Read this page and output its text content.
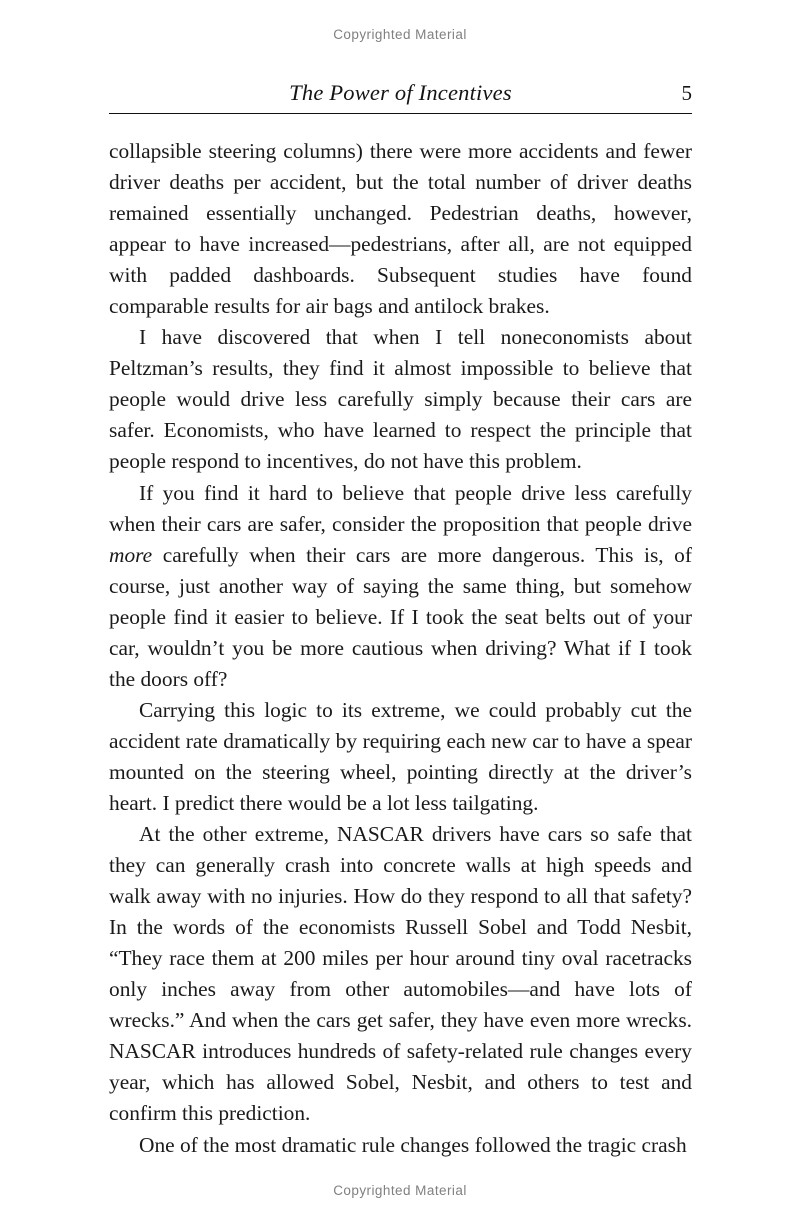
Copyrighted Material
The Power of Incentives	5

collapsible steering columns) there were more accidents and fewer driver deaths per accident, but the total number of driver deaths remained essentially unchanged. Pedestrian deaths, however, appear to have increased—pedestrians, after all, are not equipped with padded dashboards. Subsequent studies have found comparable results for air bags and antilock brakes.

I have discovered that when I tell noneconomists about Peltzman’s results, they find it almost impossible to believe that people would drive less carefully simply because their cars are safer. Economists, who have learned to respect the principle that people respond to incentives, do not have this problem.

If you find it hard to believe that people drive less carefully when their cars are safer, consider the proposition that people drive more carefully when their cars are more dangerous. This is, of course, just another way of saying the same thing, but somehow people find it easier to believe. If I took the seat belts out of your car, wouldn’t you be more cautious when driving? What if I took the doors off?

Carrying this logic to its extreme, we could probably cut the accident rate dramatically by requiring each new car to have a spear mounted on the steering wheel, pointing directly at the driver’s heart. I predict there would be a lot less tailgating.

At the other extreme, NASCAR drivers have cars so safe that they can generally crash into concrete walls at high speeds and walk away with no injuries. How do they respond to all that safety? In the words of the economists Russell Sobel and Todd Nesbit, “They race them at 200 miles per hour around tiny oval racetracks only inches away from other automobiles—and have lots of wrecks.” And when the cars get safer, they have even more wrecks. NASCAR introduces hundreds of safety-related rule changes every year, which has allowed Sobel, Nesbit, and others to test and confirm this prediction.

One of the most dramatic rule changes followed the tragic crash

Copyrighted Material
